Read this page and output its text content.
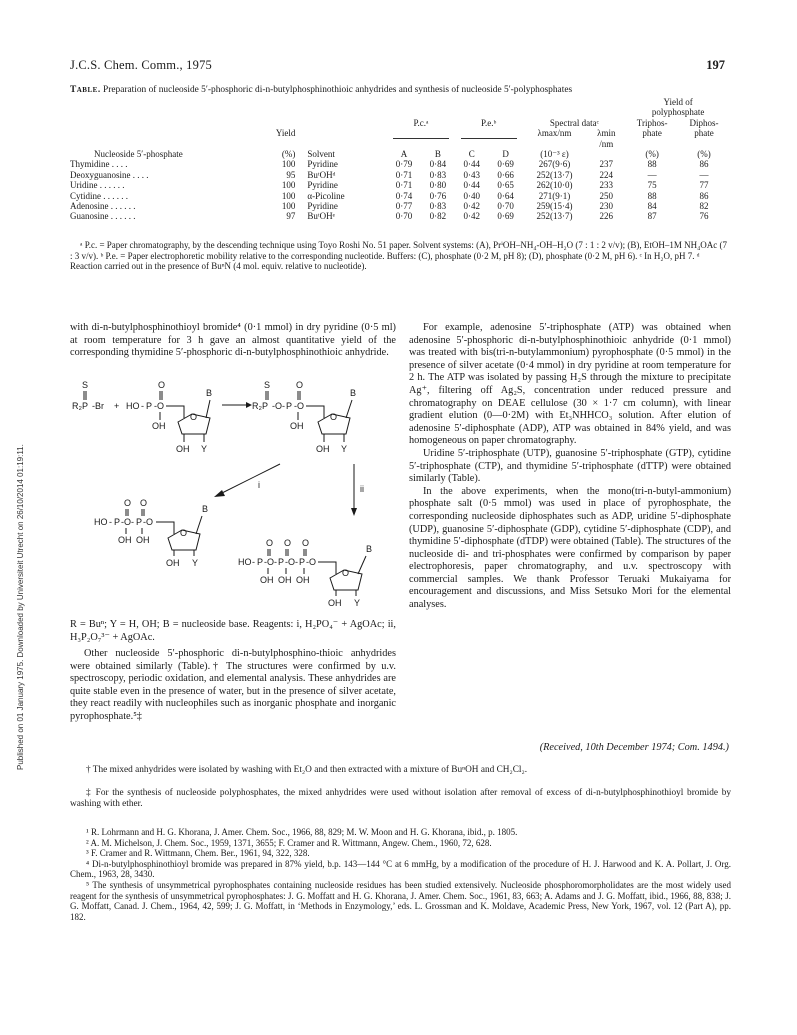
J.C.S. Chem. Comm., 1975	197
Table. Preparation of nucleoside 5′-phosphoric di-n-butylphosphinothioic anhydrides and synthesis of nucleoside 5′-polyphosphates
									Yield of	
									polyphosphate	
			P.c.ᵃ		P.e.ᵇ		Spectral dataᶜ		Triphos-	Diphos-
	Yield						λmax/nm	λmin	phate	phate
								/nm		
Nucleoside 5′-phosphate	(%)	Solvent	A	B	C	D	(10⁻³ ε)		(%)	(%)
Thymidine . . . .	100	Pyridine	0·79	0·84	0·44	0·69	267(9·6)	237	88	86
Deoxyguanosine . . . .	95	BuᵗOHᵈ	0·71	0·83	0·43	0·66	252(13·7)	224	—	—
Uridine . . . . . .	100	Pyridine	0·71	0·80	0·44	0·65	262(10·0)	233	75	77
Cytidine . . . . . .	100	α-Picoline	0·74	0·76	0·40	0·64	271(9·1)	250	88	86
Adenosine . . . . . .	100	Pyridine	0·77	0·83	0·42	0·70	259(15·4)	230	84	82
Guanosine . . . . . .	97	BuᵗOHᵉ	0·70	0·82	0·42	0·69	252(13·7)	226	87	76
ᵃ P.c. = Paper chromatography, by the descending technique using Toyo Roshi No. 51 paper. Solvent systems: (A), PrⁱOH–NH₄-OH–H₂O (7 : 1 : 2 v/v); (B), EtOH–1M NH₄OAc (7 : 3 v/v). ᵇ P.e. = Paper electrophoretic mobility relative to the corresponding nucleotide. Buffers: (C), phosphate (0·2 M, pH 8); (D), phosphate (0·2 M, pH 6). ᶜ In H₂O, pH 7. ᵈ Reaction carried out in the presence of BuⁿN (4 mol. equiv. relative to nucleotide).
Published on 01 January 1975. Downloaded by Universiteit Utrecht on 26/10/2014 01:19:11.

with di-n-butylphosphinothioyl bromide⁴ (0·1 mmol) in dry pyridine (0·5 ml) at room temperature for 3 h gave an almost quantitative yield of the corresponding thymidine 5′-phosphoric di-n-butylphosphinothioic anhydride.

S
R₂P -Br +
O
HO - P -O
OH
O
B
OH Y
S	O
R₂P -O- P -O
OH
O
B
OH Y
i	ii
O O
HO - P -O- P -O
OH OH
O
B
OH Y
O O O
HO - P -O- P -O- P -O
OH OH OH
O
B
OH Y
R = Buⁿ; Y = H, OH; B = nucleoside base. Reagents: i, H₂PO₄⁻ + AgOAc; ii, H₃P₂O₇³⁻ + AgOAc.
Other nucleoside 5′-phosphoric di-n-butylphosphino-thioic anhydrides were obtained similarly (Table).† The structures were confirmed by u.v. spectroscopy, periodic oxidation, and elemental analysis. These anhydrides are quite stable even in the presence of water, but in the presence of silver acetate, they react readily with nucleophiles such as inorganic phosphate and inorganic pyrophosphate.⁵‡

For example, adenosine 5′-triphosphate (ATP) was obtained when adenosine 5′-phosphoric di-n-butylphosphinothioic anhydride (0·1 mmol) was treated with bis(tri-n-butylammonium) pyrophosphate (0·5 mmol) in the presence of silver acetate (0·4 mmol) in dry pyridine at room temperature for 2 h. The ATP was isolated by passing H₂S through the mixture to precipitate Ag⁺, filtering off Ag₂S, concentration under reduced pressure and chromatography on DEAE cellulose (30 × 1·7 cm column), with linear gradient elution (0—0·2M) with Et₃NHHCO₃ solution. After elution of adenosine 5′-diphosphate (ADP), ATP was obtained in 84% yield, and was homogeneous on paper chromatography.

Uridine 5′-triphosphate (UTP), guanosine 5′-triphosphate (GTP), cytidine 5′-triphosphate (CTP), and thymidine 5′-triphosphate (dTTP) were obtained similarly (Table).

In the above experiments, when the mono(tri-n-butyl-ammonium) phosphate salt (0·5 mmol) was used in place of pyrophosphate, the corresponding nucleoside diphosphates such as ADP, uridine 5′-diphosphate (UDP), guanosine 5′-diphosphate (GDP), cytidine 5′-diphosphate (CDP), and thymidine 5′-diphosphate (dTDP) were obtained (Table). The structures of the nucleoside di- and tri-phosphates were confirmed by comparison by paper electrophoresis, paper chromatography, and u.v. spectroscopy with commercial samples. We thank Professor Teruaki Mukaiyama for encouragement and discussions, and Miss Setsuko Mori for the elemental analyses.

(Received, 10th December 1974; Com. 1494.)
† The mixed anhydrides were isolated by washing with Et₂O and then extracted with a mixture of BuⁿOH and CH₂Cl₂.
‡ For the synthesis of nucleoside polyphosphates, the mixed anhydrides were used without isolation after removal of excess of di-n-butylphosphinothioyl bromide by washing with ether.

¹ R. Lohrmann and H. G. Khorana, J. Amer. Chem. Soc., 1966, 88, 829; M. W. Moon and H. G. Khorana, ibid., p. 1805.

² A. M. Michelson, J. Chem. Soc., 1959, 1371, 3655; F. Cramer and R. Wittmann, Angew. Chem., 1960, 72, 628.

³ F. Cramer and R. Wittmann, Chem. Ber., 1961, 94, 322, 328.

⁴ Di-n-butylphosphinothioyl bromide was prepared in 87% yield, b.p. 143—144 °C at 6 mmHg, by a modification of the procedure of H. J. Harwood and K. A. Pollart, J. Org. Chem., 1963, 28, 3430.

⁵ The synthesis of unsymmetrical pyrophosphates containing nucleoside residues has been studied extensively. Nucleoside phosphoromorpholidates are the most widely used reagent for the synthesis of unsymmetrical pyrophosphates: J. G. Moffatt and H. G. Khorana, J. Amer. Chem. Soc., 1961, 83, 663; A. Adams and J. G. Moffatt, ibid., 1966, 88, 838; J. G. Moffatt, Canad. J. Chem., 1964, 42, 599; J. G. Moffatt, in ‘Methods in Enzymology,’ eds. L. Grossman and K. Moldave, Academic Press, New York, 1967, vol. 12 (Part A), pp. 182.
